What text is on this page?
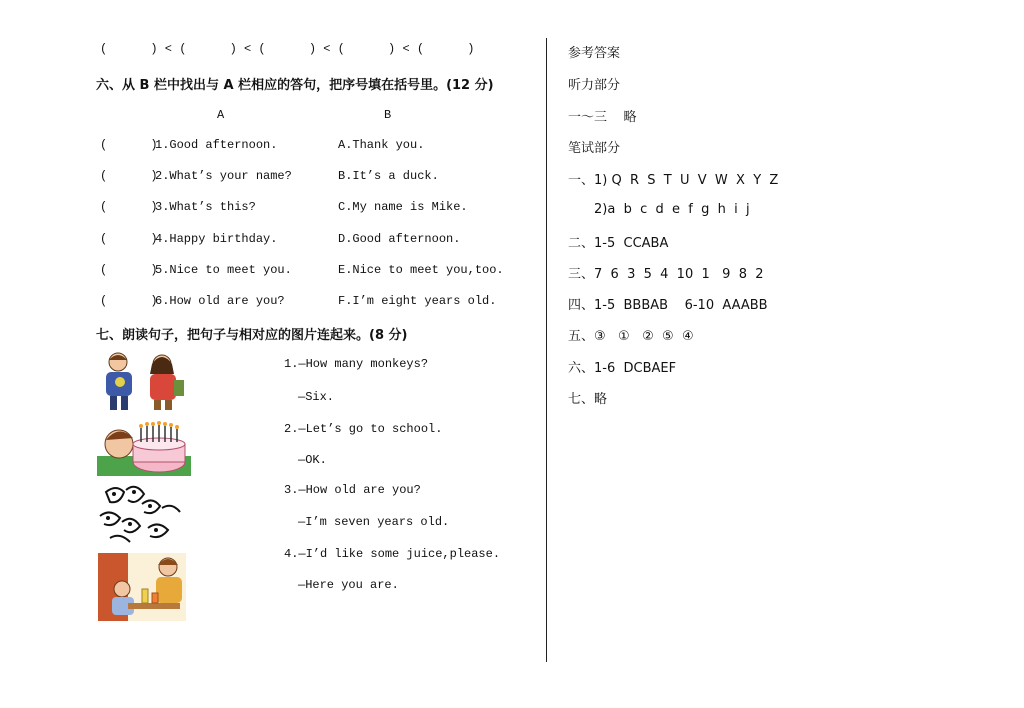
(      ) < (      ) < (      ) < (      ) < (      )
六、从 B 栏中找出与 A 栏相应的答句，把序号填在括号里。(12 分)
A	B
(      )
1.Good afternoon.	A.Thank you.
(      )
2.What’s your name?	B.It’s a duck.
(      )
3.What’s this?	C.My name is Mike.
(      )
4.Happy birthday.	D.Good afternoon.
(      )
5.Nice to meet you.	E.Nice to meet you,too.
(      )
6.How old are you?	F.I’m eight years old.
七、朗读句子，把句子与相对应的图片连起来。(8 分)
1.—How many monkeys?
—Six.
2.—Let’s go to school.
—OK.
3.—How old are you?
—I’m seven years old.
4.—I’d like some juice,please.
—Here you are.
参考答案
听力部分
一～三    略
笔试部分
一、1) Q  R  S  T  U  V  W  X  Y  Z
2)a  b  c  d  e  f  g  h  i  j
二、1-5  CCABA
三、7  6  3  5  4  10  1   9  8  2
四、1-5  BBBAB    6-10  AAABB
五、③   ①   ②  ⑤  ④
六、1-6  DCBAEF
七、略
